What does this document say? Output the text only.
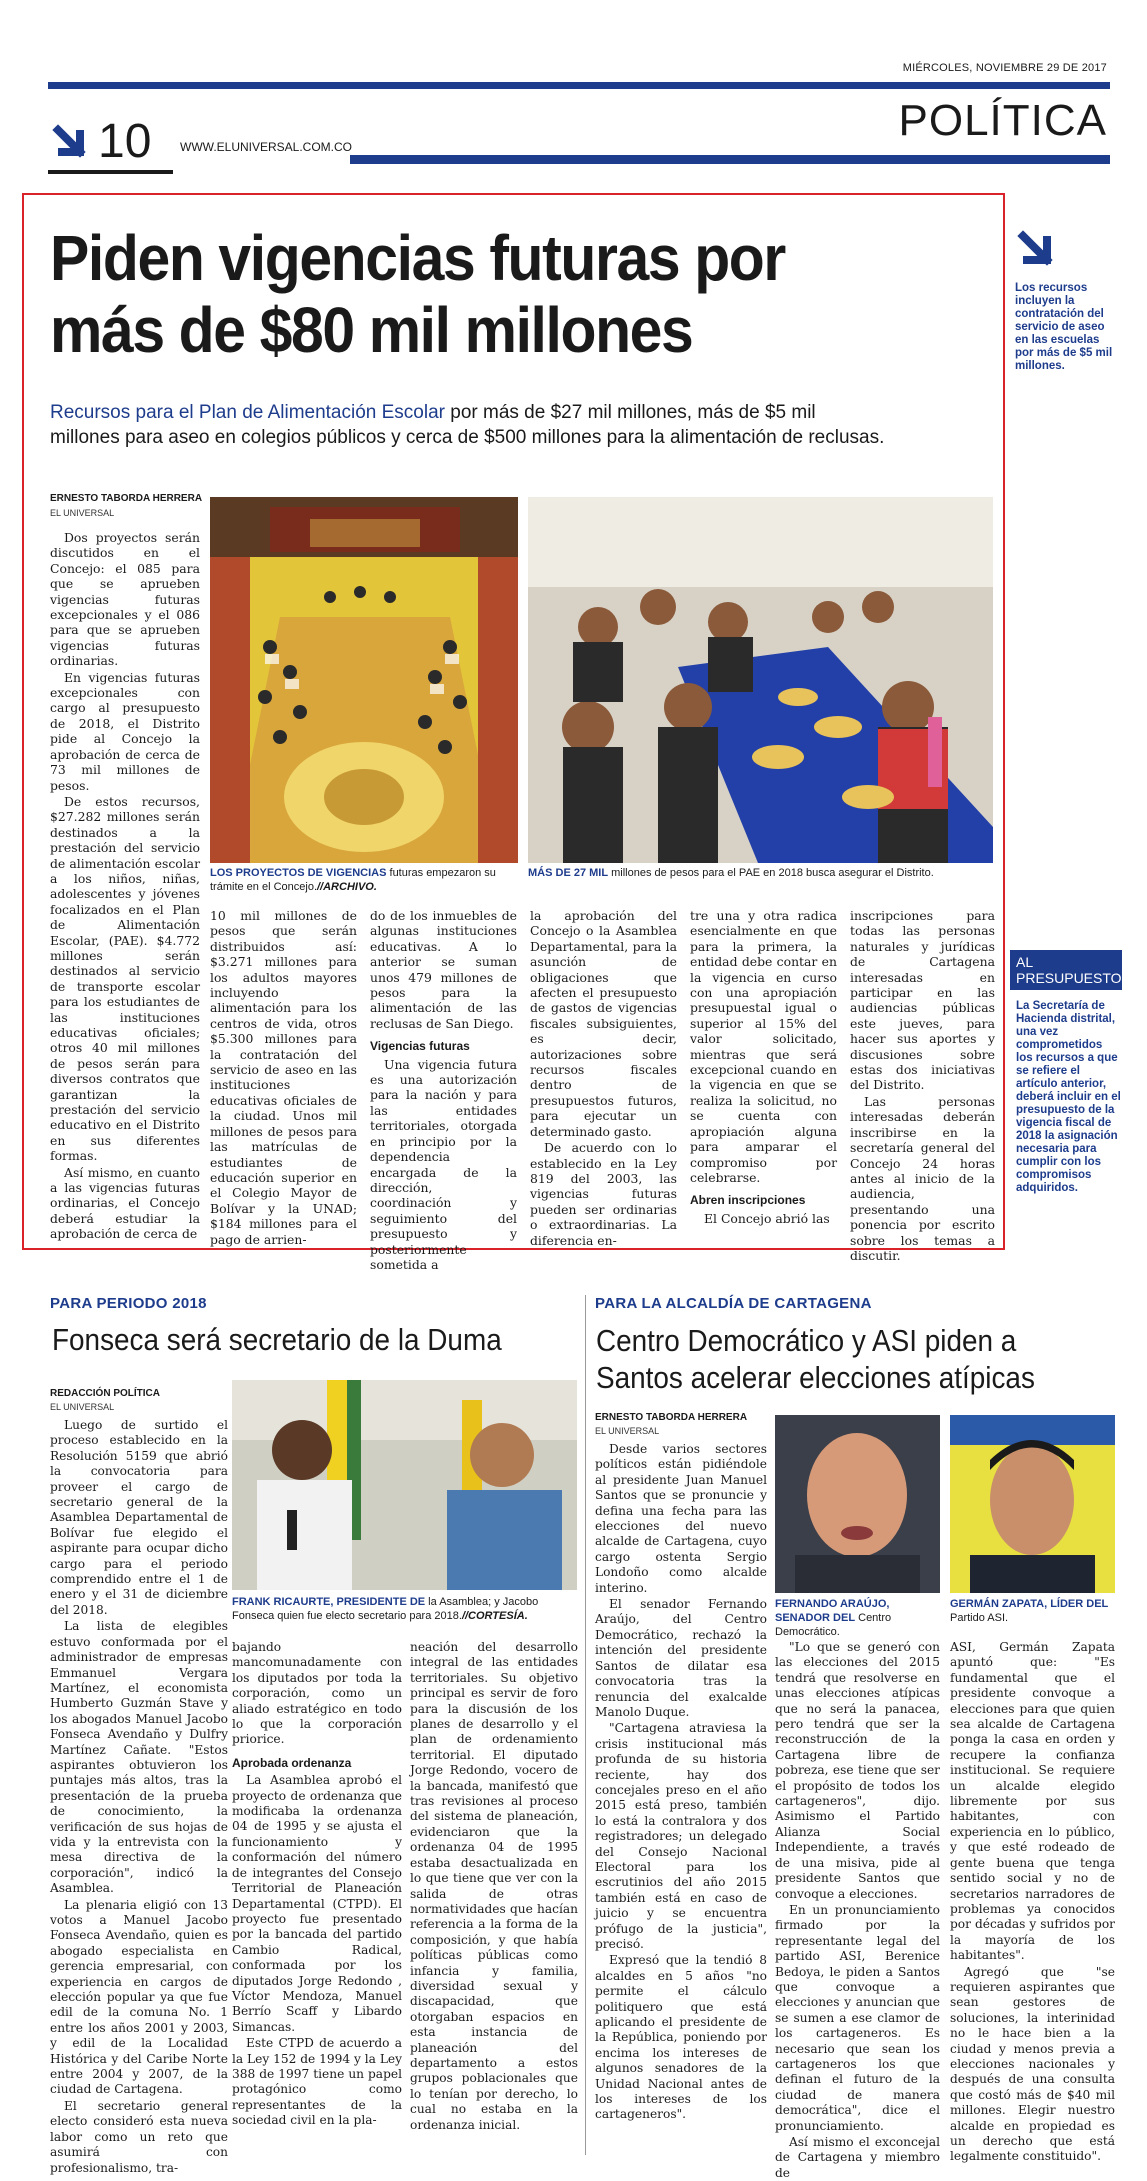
MIÉRCOLES, NOVIEMBRE 29 DE 2017
POLÍTICA
10 WWW.ELUNIVERSAL.COM.CO
Piden vigencias futuras por
más de $80 mil millones
Recursos para el Plan de Alimentación Escolar por más de $27 mil millones, más de $5 mil
millones para aseo en colegios públicos y cerca de $500 millones para la alimentación de reclusas.
ERNESTO TABORDA HERRERA
EL UNIVERSAL

Dos proyectos serán discutidos en el Concejo: el 085 para que se aprueben vigencias futuras excepcionales y el 086 para que se aprueben vigencias futuras ordinarias.

En vigencias futuras excepcionales con cargo al presupuesto de 2018, el Distrito pide al Concejo la aprobación de cerca de 73 mil millones de pesos.

De estos recursos, $27.282 millones serán destinados a la prestación del servicio de alimentación escolar a los niños, niñas, adolescentes y jóvenes focalizados en el Plan de Alimentación Escolar, (PAE). $4.772 millones serán destinados al servicio de transporte escolar para los estudiantes de las instituciones educativas oficiales; otros 40 mil millones de pesos serán para diversos contratos que garantizan la prestación del servicio educativo en el Distrito en sus diferentes formas.

Así mismo, en cuanto a las vigencias futuras ordinarias, el Concejo deberá estudiar la aprobación de cerca de

LOS PROYECTOS DE VIGENCIAS futuras empezaron su trámite en el Concejo.//ARCHIVO.
MÁS DE 27 MIL millones de pesos para el PAE en 2018 busca asegurar el Distrito.

10 mil millones de pesos que serán distribuidos así: $3.271 millones para los adultos mayores incluyendo alimentación para los centros de vida, otros $5.300 millones para la contratación del servicio de aseo en las instituciones educativas oficiales de la ciudad. Unos mil millones de pesos para las matrículas de estudiantes de educación superior en el Colegio Mayor de Bolívar y la UNAD; $184 millones para el pago de arrien-

do de los inmuebles de algunas instituciones educativas. A lo anterior se suman unos 479 millones de pesos para la alimentación de las reclusas de San Diego.

Vigencias futuras

Una vigencia futura es una autorización para la nación y para las entidades territoriales, otorgada en principio por la dependencia encargada de la dirección, coordinación y seguimiento del presupuesto y posteriormente sometida a

la aprobación del Concejo o la Asamblea Departamental, para la asunción de obligaciones que afecten el presupuesto de gastos de vigencias fiscales subsiguientes, es decir, autorizaciones sobre recursos fiscales dentro de presupuestos futuros, para ejecutar un determinado gasto.

De acuerdo con lo establecido en la Ley 819 del 2003, las vigencias futuras pueden ser ordinarias o extraordinarias. La diferencia en-

tre una y otra radica esencialmente en que para la primera, la entidad debe contar en la vigencia en curso con una apropiación presupuestal igual o superior al 15% del valor solicitado, mientras que será excepcional cuando en la vigencia en que se realiza la solicitud, no se cuenta con apropiación alguna para amparar el compromiso por celebrarse.

Abren inscripciones

El Concejo abrió las

inscripciones para todas las personas naturales y jurídicas de Cartagena interesadas en participar en las audiencias públicas este jueves, para hacer sus aportes y discusiones sobre estas dos iniciativas del Distrito.

Las personas interesadas deberán inscribirse en la secretaría general del Concejo 24 horas antes al inicio de la audiencia, presentando una ponencia por escrito sobre los temas a discutir.

Los recursos incluyen la contratación del servicio de aseo en las escuelas por más de $5 mil millones.
AL
PRESUPUESTO
La Secretaría de Hacienda distrital, una vez comprometidos los recursos a que se refiere el artículo anterior, deberá incluir en el presupuesto de la vigencia fiscal de 2018 la asignación necesaria para cumplir con los compromisos adquiridos.
PARA PERIODO 2018
Fonseca será secretario de la Duma
REDACCIÓN POLÍTICA
EL UNIVERSAL

Luego de surtido el proceso establecido en la Resolución 5159 que abrió la convocatoria para proveer el cargo de secretario general de la Asamblea Departamental de Bolívar fue elegido el aspirante para ocupar dicho cargo para el periodo comprendido entre el 1 de enero y el 31 de diciembre del 2018.

La lista de elegibles estuvo conformada por el administrador de empresas Emmanuel Vergara Martínez, el economista Humberto Guzmán Stave y los abogados Manuel Jacobo Fonseca Avendaño y Dulfry Martínez Cañate. "Estos aspirantes obtuvieron los puntajes más altos, tras la presentación de la prueba de conocimiento, la verificación de sus hojas de vida y la entrevista con la mesa directiva de la corporación", indicó la Asamblea.

La plenaria eligió con 13 votos a Manuel Jacobo Fonseca Avendaño, quien es abogado especialista en gerencia empresarial, con experiencia en cargos de elección popular ya que fue edil de la comuna No. 1 entre los años 2001 y 2003, y edil de la Localidad Histórica y del Caribe Norte entre 2004 y 2007, de la ciudad de Cartagena.

El secretario general electo consideró esta nueva labor como un reto que asumirá con profesionalismo, tra-

FRANK RICAURTE, PRESIDENTE DE la Asamblea; y Jacobo Fonseca quien fue electo secretario para 2018.//CORTESÍA.

bajando mancomunadamente con los diputados por toda la corporación, como un aliado estratégico en todo lo que la corporación priorice.

Aprobada ordenanza

La Asamblea aprobó el proyecto de ordenanza que modificaba la ordenanza 04 de 1995 y se ajusta el funcionamiento y conformación del número de integrantes del Consejo Territorial de Planeación Departamental (CTPD). El proyecto fue presentado por la bancada del partido Cambio Radical, conformada por los diputados Jorge Redondo , Víctor Mendoza, Manuel Berrío Scaff y Libardo Simancas.

Este CTPD de acuerdo a la Ley 152 de 1994 y la Ley 388 de 1997 tiene un papel protagónico como representantes de la sociedad civil en la pla-

neación del desarrollo integral de las entidades territoriales. Su objetivo principal es servir de foro para la discusión de los planes de desarrollo y el plan de ordenamiento territorial. El diputado Jorge Redondo, vocero de la bancada, manifestó que tras revisiones al proceso del sistema de planeación, evidenciaron que la ordenanza 04 de 1995 estaba desactualizada en lo que tiene que ver con la salida de otras normatividades que hacían referencia a la forma de la composición, y que había políticas públicas como infancia y familia, diversidad sexual y discapacidad, que otorgaban espacios en esta instancia de planeación del departamento a estos grupos poblacionales que lo tenían por derecho, lo cual no estaba en la ordenanza inicial.

PARA LA ALCALDÍA DE CARTAGENA
Centro Democrático y ASI piden a
Santos acelerar elecciones atípicas
ERNESTO TABORDA HERRERA
EL UNIVERSAL

Desde varios sectores políticos están pidiéndole al presidente Juan Manuel Santos que se pronuncie y defina una fecha para las elecciones del nuevo alcalde de Cartagena, cuyo cargo ostenta Sergio Londoño como alcalde interino.

El senador Fernando Araújo, del Centro Democrático, rechazó la intención del presidente Santos de dilatar esa convocatoria tras la renuncia del exalcalde Manolo Duque.

"Cartagena atraviesa la crisis institucional más profunda de su historia reciente, hay dos concejales preso en el año 2015 está preso, también lo está la contralora y dos registradores; un delegado del Consejo Nacional Electoral para los escrutinios del año 2015 también está en caso de juicio y se encuentra prófugo de la justicia", precisó.

Expresó que la tendió 8 alcaldes en 5 años "no permite el cálculo politiquero que está aplicando el presidente de la República, poniendo por encima los intereses de algunos senadores de la Unidad Nacional antes de los intereses de los cartageneros".

FERNANDO ARAÚJO, SENADOR DEL Centro Democrático.
GERMÁN ZAPATA, LÍDER DEL Partido ASI.

"Lo que se generó con las elecciones del 2015 tendrá que resolverse en unas elecciones atípicas que no será la panacea, pero tendrá que ser la reconstrucción de la Cartagena libre de pobreza, ese tiene que ser el propósito de todos los cartageneros", dijo. Asimismo el Partido Alianza Social Independiente, a través de una misiva, pide al presidente Santos que convoque a elecciones.

En un pronunciamiento firmado por la representante legal del partido ASI, Berenice Bedoya, le piden a Santos que convoque a elecciones y anuncian que se sumen a ese clamor de los cartageneros. Es necesario que sean los cartageneros los que definan el futuro de la ciudad de manera democrática", dice el pronunciamiento.

Así mismo el exconcejal de Cartagena y miembro de

ASI, Germán Zapata apuntó que: "Es fundamental que el presidente convoque a elecciones para que quien sea alcalde de Cartagena ponga la casa en orden y recupere la confianza institucional. Se requiere un alcalde elegido libremente por sus habitantes, con experiencia en lo público, y que esté rodeado de gente buena que tenga sentido social y no de secretarios narradores de problemas ya conocidos por décadas y sufridos por la mayoría de los habitantes".

Agregó que "se requieren aspirantes que sean gestores de soluciones, la interinidad no le hace bien a la ciudad y menos previa a elecciones nacionales y después de una consulta que costó más de $40 mil millones. Elegir nuestro alcalde en propiedad es un derecho que está legalmente constituido".
